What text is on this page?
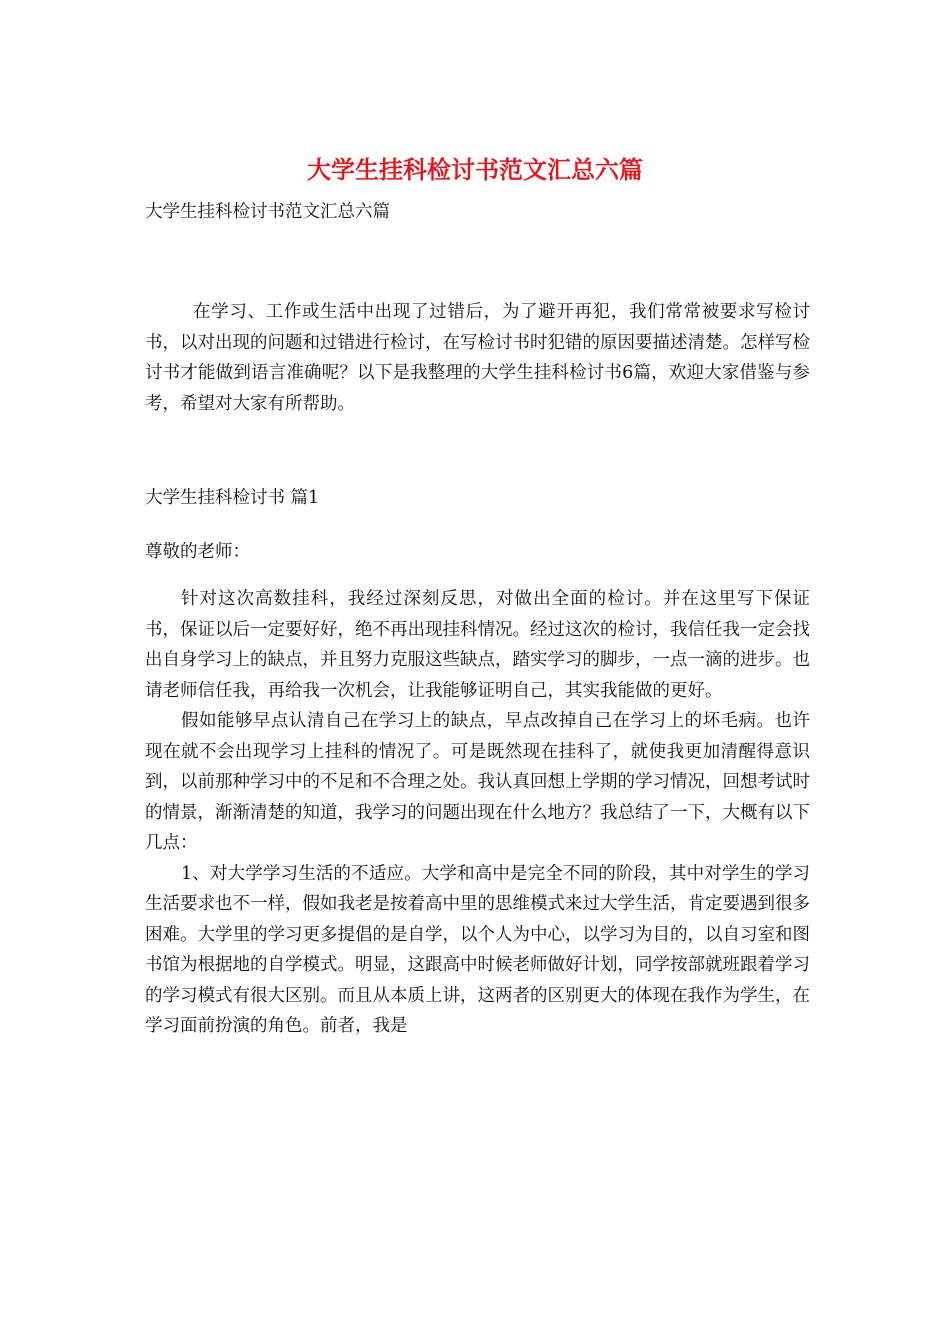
大学生挂科检讨书范文汇总六篇

大学生挂科检讨书范文汇总六篇

在学习、工作或生活中出现了过错后，为了避开再犯，我们常常被要求写检讨书，以对出现的问题和过错进行检讨，在写检讨书时犯错的原因要描述清楚。怎样写检讨书才能做到语言准确呢？以下是我整理的大学生挂科检讨书6篇，欢迎大家借鉴与参考，希望对大家有所帮助。

大学生挂科检讨书 篇1

尊敬的老师：

针对这次高数挂科，我经过深刻反思，对做出全面的检讨。并在这里写下保证书，保证以后一定要好好，绝不再出现挂科情况。经过这次的检讨，我信任我一定会找出自身学习上的缺点，并且努力克服这些缺点，踏实学习的脚步，一点一滴的进步。也请老师信任我，再给我一次机会，让我能够证明自己，其实我能做的更好。

假如能够早点认清自己在学习上的缺点，早点改掉自己在学习上的坏毛病。也许现在就不会出现学习上挂科的情况了。可是既然现在挂科了，就使我更加清醒得意识到，以前那种学习中的不足和不合理之处。我认真回想上学期的学习情况，回想考试时的情景，渐渐清楚的知道，我学习的问题出现在什么地方？我总结了一下，大概有以下几点：

1、对大学学习生活的不适应。大学和高中是完全不同的阶段，其中对学生的学习生活要求也不一样，假如我老是按着高中里的思维模式来过大学生活，肯定要遇到很多困难。大学里的学习更多提倡的是自学，以个人为中心，以学习为目的，以自习室和图书馆为根据地的自学模式。明显，这跟高中时候老师做好计划，同学按部就班跟着学习的学习模式有很大区别。而且从本质上讲，这两者的区别更大的体现在我作为学生，在学习面前扮演的角色。前者，我是
